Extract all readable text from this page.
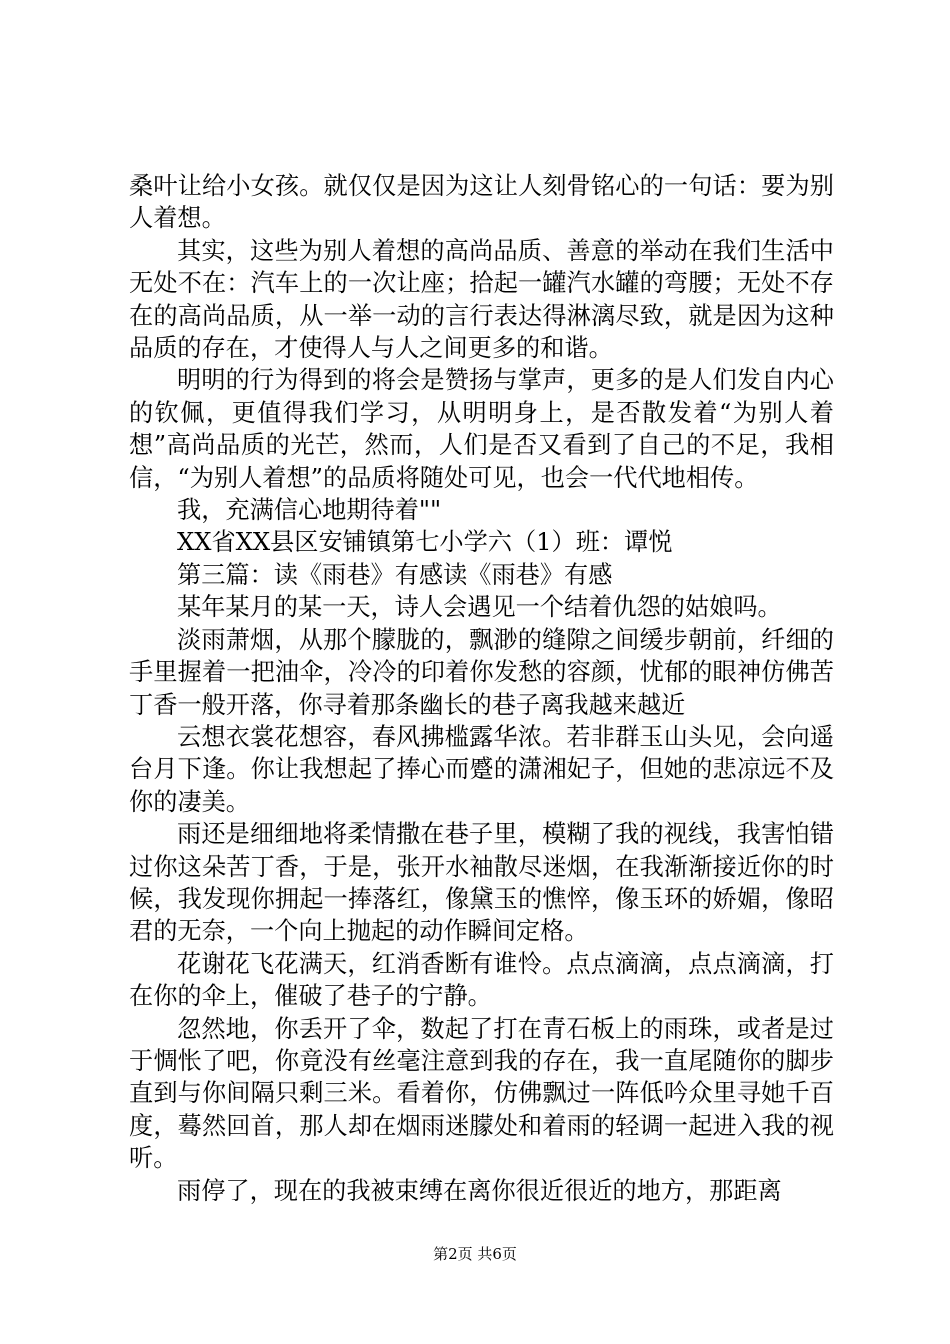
桑叶让给小女孩。就仅仅是因为这让人刻骨铭心的一句话：要为别人着想。

其实，这些为别人着想的高尚品质、善意的举动在我们生活中无处不在：汽车上的一次让座；拾起一罐汽水罐的弯腰；无处不存在的高尚品质，从一举一动的言行表达得淋漓尽致，就是因为这种品质的存在，才使得人与人之间更多的和谐。

明明的行为得到的将会是赞扬与掌声，更多的是人们发自内心的钦佩，更值得我们学习，从明明身上，是否散发着“为别人着想”高尚品质的光芒，然而，人们是否又看到了自己的不足，我相信，“为别人着想”的品质将随处可见，也会一代代地相传。

我，充满信心地期待着""

XX省XX县区安铺镇第七小学六（1）班：谭悦

第三篇：读《雨巷》有感读《雨巷》有感

某年某月的某一天，诗人会遇见一个结着仇怨的姑娘吗。

淡雨萧烟，从那个朦胧的，飘渺的缝隙之间缓步朝前，纤细的手里握着一把油伞，冷冷的印着你发愁的容颜，忧郁的眼神仿佛苦丁香一般开落，你寻着那条幽长的巷子离我越来越近

云想衣裳花想容，春风拂槛露华浓。若非群玉山头见，会向遥台月下逢。你让我想起了捧心而蹙的潇湘妃子，但她的悲凉远不及你的凄美。

雨还是细细地将柔情撒在巷子里，模糊了我的视线，我害怕错过你这朵苦丁香，于是，张开水袖散尽迷烟，在我渐渐接近你的时候，我发现你拥起一捧落红，像黛玉的憔悴，像玉环的娇媚，像昭君的无奈，一个向上抛起的动作瞬间定格。

花谢花飞花满天，红消香断有谁怜。点点滴滴，点点滴滴，打在你的伞上，催破了巷子的宁静。

忽然地，你丢开了伞，数起了打在青石板上的雨珠，或者是过于惆怅了吧，你竟没有丝毫注意到我的存在，我一直尾随你的脚步直到与你间隔只剩三米。看着你，仿佛飘过一阵低吟众里寻她千百度，蓦然回首，那人却在烟雨迷朦处和着雨的轻调一起进入我的视听。

雨停了，现在的我被束缚在离你很近很近的地方，那距离

第2页 共6页
